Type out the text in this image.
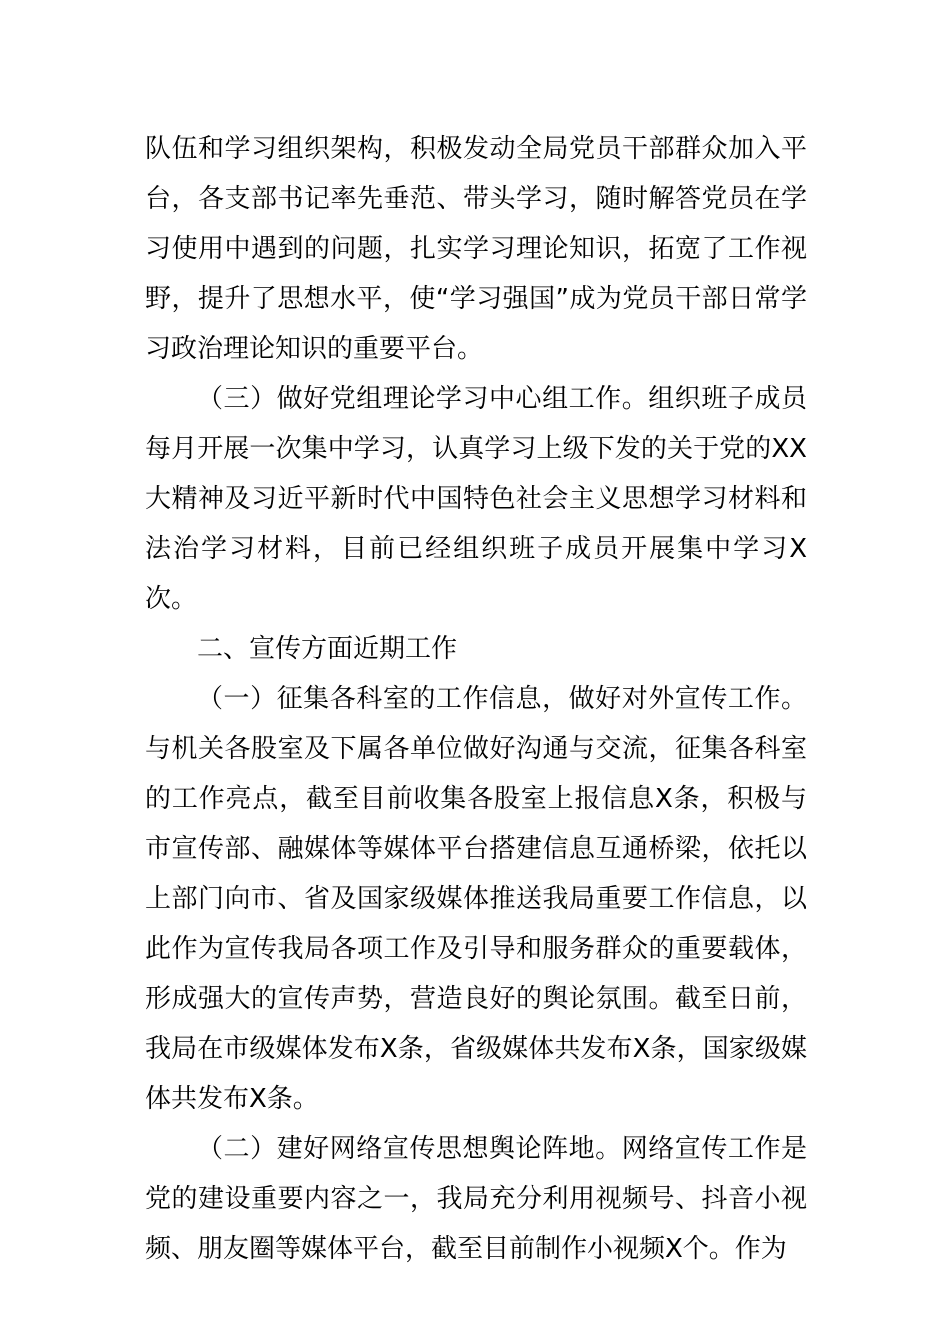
队伍和学习组织架构，积极发动全局党员干部群众加入平台，各支部书记率先垂范、带头学习，随时解答党员在学习使用中遇到的问题，扎实学习理论知识，拓宽了工作视野，提升了思想水平，使“学习强国”成为党员干部日常学习政治理论知识的重要平台。

（三）做好党组理论学习中心组工作。组织班子成员每月开展一次集中学习，认真学习上级下发的关于党的XX大精神及习近平新时代中国特色社会主义思想学习材料和法治学习材料，目前已经组织班子成员开展集中学习X次。

二、宣传方面近期工作

（一）征集各科室的工作信息，做好对外宣传工作。与机关各股室及下属各单位做好沟通与交流，征集各科室的工作亮点，截至目前收集各股室上报信息X条，积极与市宣传部、融媒体等媒体平台搭建信息互通桥梁，依托以上部门向市、省及国家级媒体推送我局重要工作信息，以此作为宣传我局各项工作及引导和服务群众的重要载体，形成强大的宣传声势，营造良好的舆论氛围。截至日前，我局在市级媒体发布X条，省级媒体共发布X条，国家级媒体共发布X条。

（二）建好网络宣传思想舆论阵地。网络宣传工作是党的建设重要内容之一，我局充分利用视频号、抖音小视频、朋友圈等媒体平台，截至目前制作小视频X个。作为
